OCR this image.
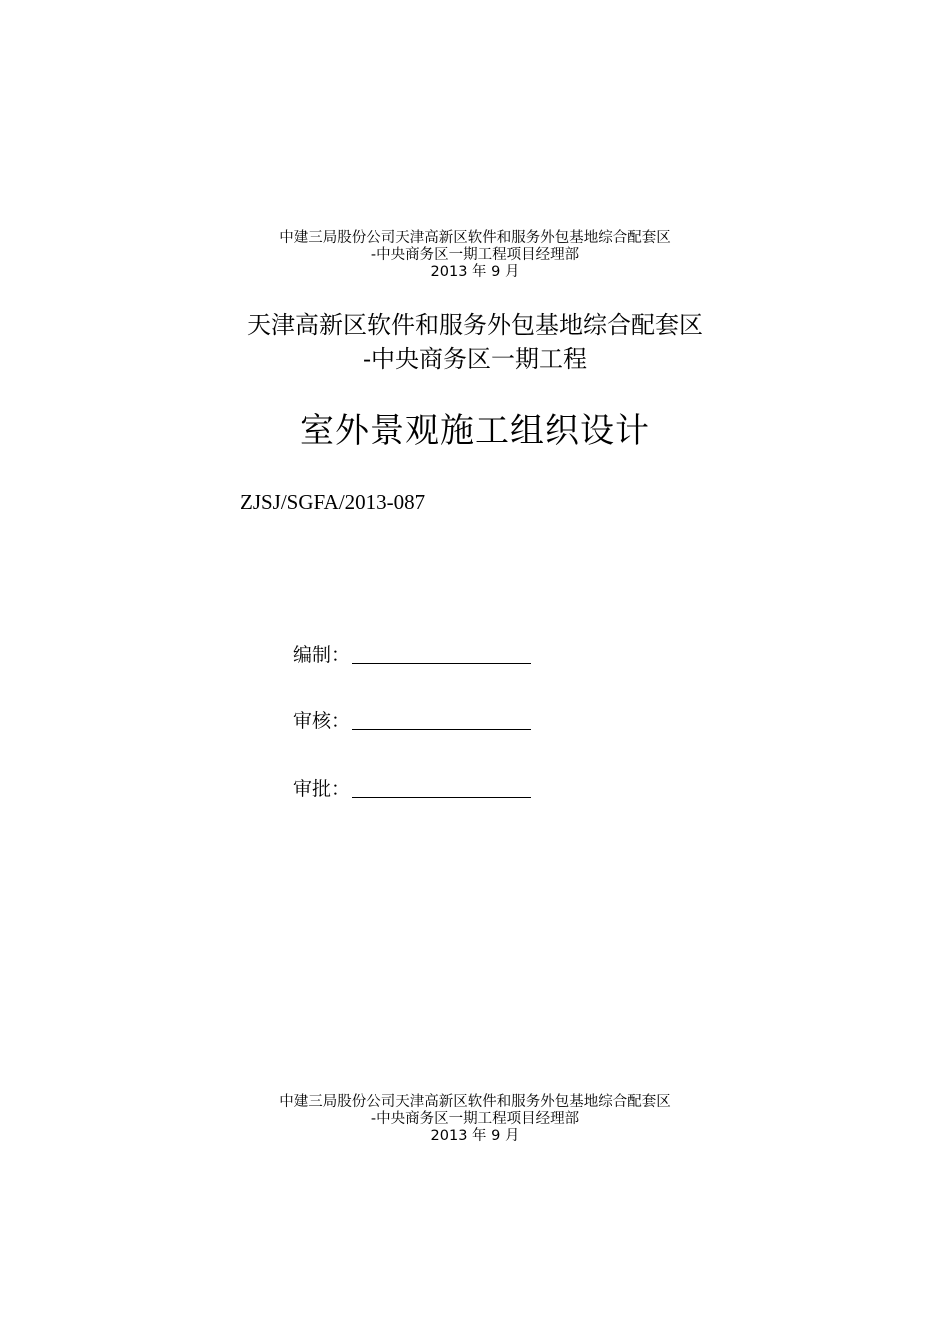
中建三局股份公司天津高新区软件和服务外包基地综合配套区
-中央商务区一期工程项目经理部
2013 年 9 月
天津高新区软件和服务外包基地综合配套区
-中央商务区一期工程
室外景观施工组织设计
ZJSJ/SGFA/2013-087
编制：
审核：
审批：
中建三局股份公司天津高新区软件和服务外包基地综合配套区
-中央商务区一期工程项目经理部
2013 年 9 月
